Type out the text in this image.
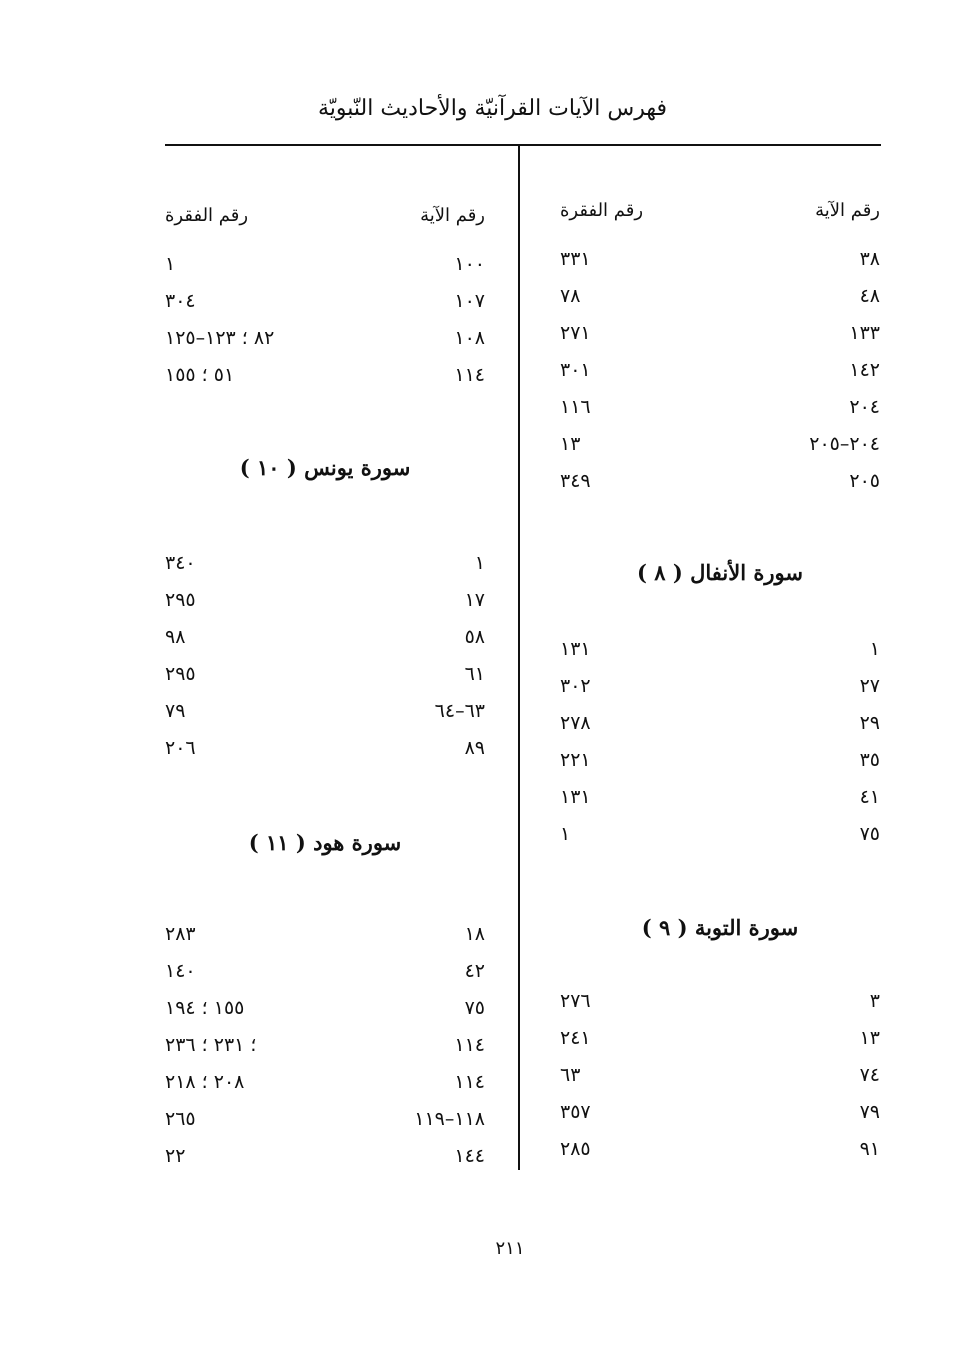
فهرس الآيات القرآنيّة والأحاديث النّبويّة
رقم الآية
رقم الفقرة
٣٨
٣٣١
٤٨
٧٨
١٣٣
٢٧١
١٤٢
٣٠١
٢٠٤
١١٦
٢٠٤–٢٠٥
١٣
٢٠٥
٣٤٩
سورة الأنفال ( ٨ )
١
١٣١
٢٧
٣٠٢
٢٩
٢٧٨
٣٥
٢٢١
٤١
١٣١
٧٥
١
سورة التوبة ( ٩ )
٣
٢٧٦
١٣
٢٤١
٧٤
٦٣
٧٩
٣٥٧
٩١
٢٨٥
رقم الآية
رقم الفقرة
١٠٠
١
١٠٧
٣٠٤
١٠٨
٨٢ ؛ ١٢٣–١٢٥
١١٤
٥١ ؛ ١٥٥
سورة يونس ( ١٠ )
١
٣٤٠
١٧
٢٩٥
٥٨
٩٨
٦١
٢٩٥
٦٣–٦٤
٧٩
٨٩
٢٠٦
سورة هود ( ١١ )
١٨
٢٨٣
٤٢
١٤٠
٧٥
١٥٥ ؛ ١٩٤
١١٤
؛ ٢٣١ ؛ ٢٣٦
١١٤
٢٠٨ ؛ ٢١٨
١١٨–١١٩
٢٦٥
١٤٤
٢٢
٢١١
